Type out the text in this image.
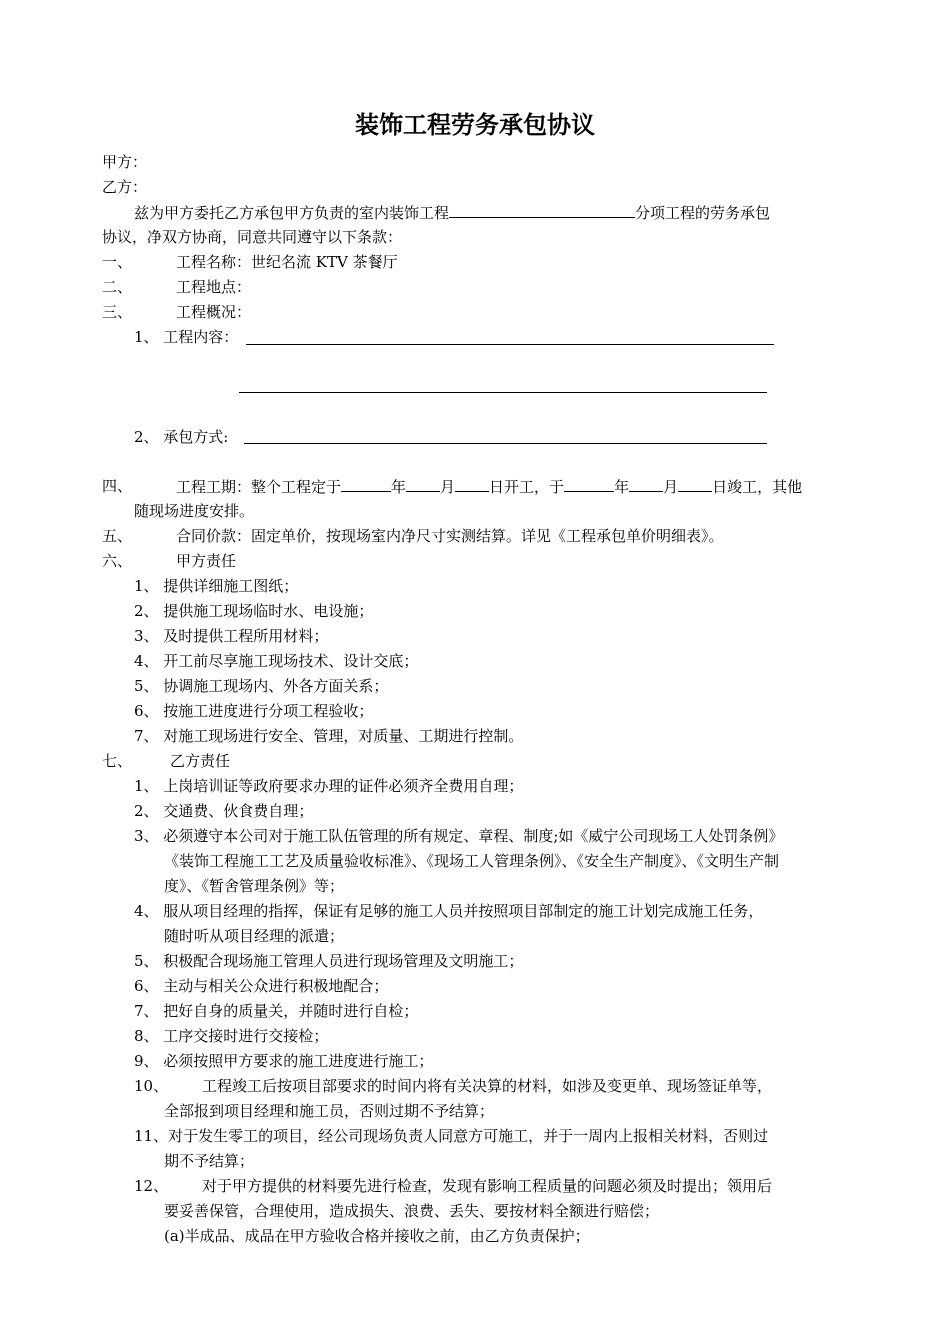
装饰工程劳务承包协议
甲方：
乙方：
兹为甲方委托乙方承包甲方负责的室内装饰工程	分项工程的劳务承包
协议，净双方协商，同意共同遵守以下条款：
一、	工程名称：世纪名流 KTV 茶餐厅
二、	工程地点：
三、	工程概况：
1、 工程内容：
2、 承包方式:
四、	工程工期：整个工程定于	年 月 日开工，于	年 月 日竣工，其他
随现场进度安排。
五、	合同价款：固定单价，按现场室内净尺寸实测结算。详见《工程承包单价明细表》。
六、	甲方责任
1、 提供详细施工图纸；
2、 提供施工现场临时水、电设施；
3、 及时提供工程所用材料；
4、 开工前尽享施工现场技术、设计交底；
5、 协调施工现场内、外各方面关系；
6、 按施工进度进行分项工程验收；
7、 对施工现场进行安全、管理，对质量、工期进行控制。
七、	乙方责任
1、 上岗培训证等政府要求办理的证件必须齐全费用自理；
2、 交通费、伙食费自理；
3、 必须遵守本公司对于施工队伍管理的所有规定、章程、制度;如《威宁公司现场工人处罚条例》
《装饰工程施工工艺及质量验收标准》、《现场工人管理条例》、《安全生产制度》、《文明生产制
度》、《暂舍管理条例》等；
4、 服从项目经理的指挥，保证有足够的施工人员并按照项目部制定的施工计划完成施工任务，
随时听从项目经理的派遣；
5、 积极配合现场施工管理人员进行现场管理及文明施工；
6、 主动与相关公众进行积极地配合；
7、 把好自身的质量关，并随时进行自检；
8、 工序交接时进行交接检；
9、 必须按照甲方要求的施工进度进行施工；
10、 工程竣工后按项目部要求的时间内将有关决算的材料，如涉及变更单、现场签证单等，
全部报到项目经理和施工员，否则过期不予结算；
11、对于发生零工的项目，经公司现场负责人同意方可施工，并于一周内上报相关材料，否则过
期不予结算；
12、 对于甲方提供的材料要先进行检查，发现有影响工程质量的问题必须及时提出；领用后
要妥善保管，合理使用，造成损失、浪费、丢失、要按材料全额进行赔偿；
(a)半成品、成品在甲方验收合格并接收之前，由乙方负责保护；
